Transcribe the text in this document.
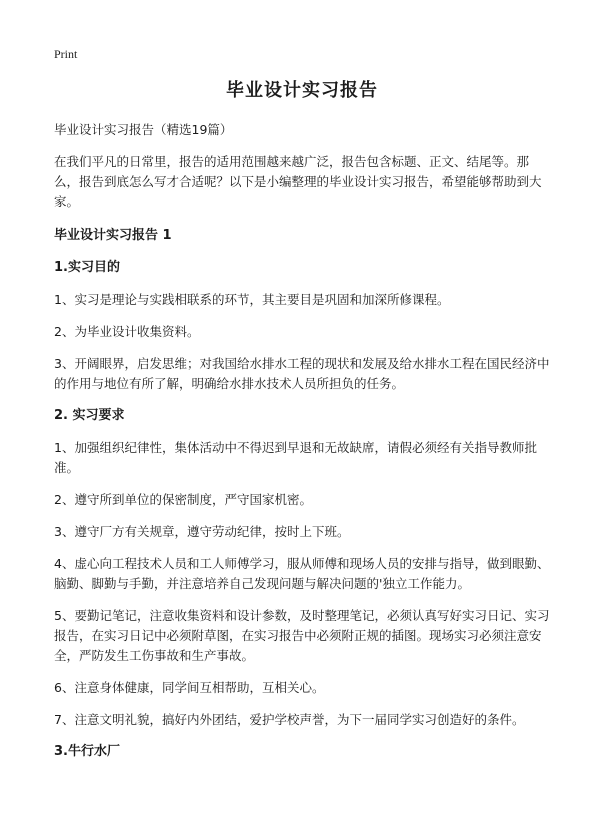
Print
毕业设计实习报告

毕业设计实习报告（精选19篇）

在我们平凡的日常里，报告的适用范围越来越广泛，报告包含标题、正文、结尾等。那么，报告到底怎么写才合适呢？以下是小编整理的毕业设计实习报告，希望能够帮助到大家。

毕业设计实习报告 1

1.实习目的

1、实习是理论与实践相联系的环节，其主要目是巩固和加深所修课程。

2、为毕业设计收集资料。

3、开阔眼界，启发思维；对我国给水排水工程的现状和发展及给水排水工程在国民经济中的作用与地位有所了解，明确给水排水技术人员所担负的任务。

2. 实习要求

1、加强组织纪律性，集体活动中不得迟到早退和无故缺席，请假必须经有关指导教师批准。

2、遵守所到单位的保密制度，严守国家机密。

3、遵守厂方有关规章，遵守劳动纪律，按时上下班。

4、虚心向工程技术人员和工人师傅学习，服从师傅和现场人员的安排与指导，做到眼勤、脑勤、脚勤与手勤，并注意培养自己发现问题与解决问题的'独立工作能力。

5、要勤记笔记，注意收集资料和设计参数，及时整理笔记，必须认真写好实习日记、实习报告，在实习日记中必须附草图，在实习报告中必须附正规的插图。现场实习必须注意安全，严防发生工伤事故和生产事故。

6、注意身体健康，同学间互相帮助，互相关心。

7、注意文明礼貌，搞好内外团结，爱护学校声誉，为下一届同学实习创造好的条件。

3.牛行水厂
